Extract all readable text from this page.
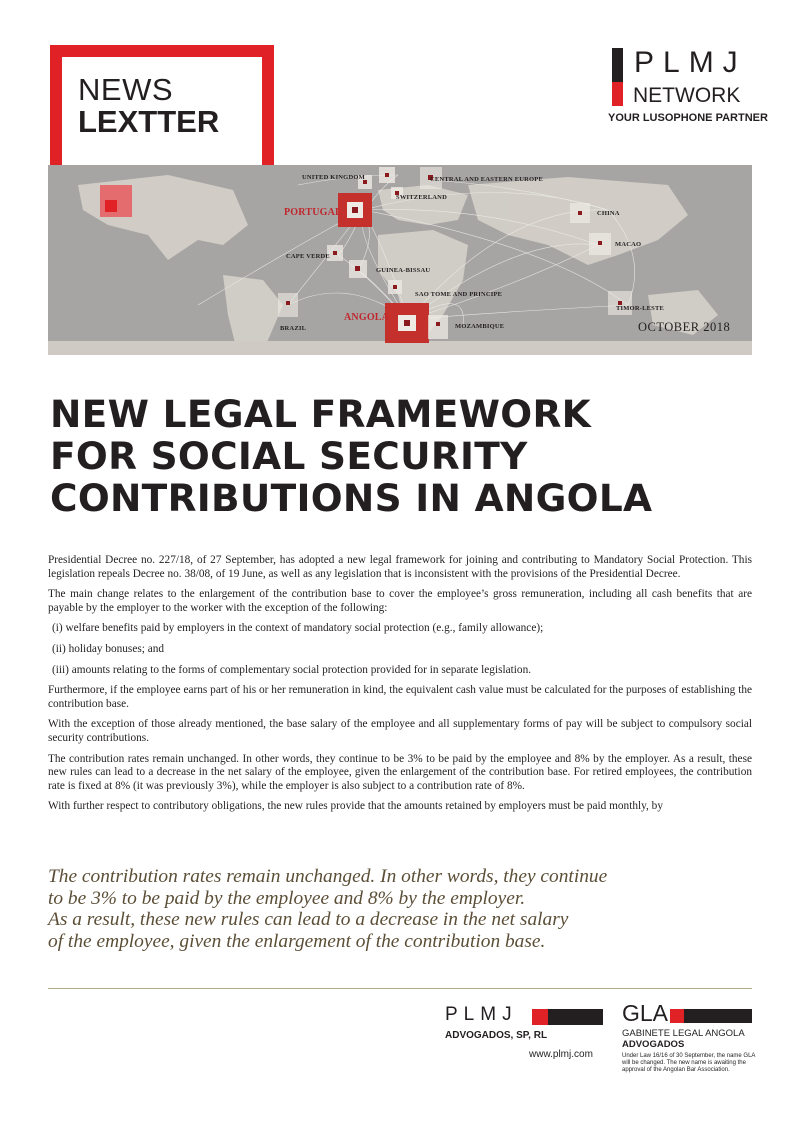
NEWS
LEXTTER
PLMJ
NETWORK
YOUR LUSOPHONE PARTNER
UNITED KINGDOM
PORTUGAL
SWITZERLAND
CENTRAL AND EASTERN EUROPE
CHINA
MACAO
CAPE VERDE
GUINEA-BISSAU
SAO TOME AND PRINCIPE
ANGOLA
MOZAMBIQUE
TIMOR-LESTE
BRAZIL	OCTOBER 2018
NEW LEGAL FRAMEWORK
FOR SOCIAL SECURITY
CONTRIBUTIONS IN ANGOLA

Presidential Decree no. 227/18, of 27 September, has adopted a new legal framework for joining and contributing to Mandatory Social Protection. This legislation repeals Decree no. 38/08, of 19 June, as well as any legislation that is inconsistent with the provisions of the Presidential Decree.

The main change relates to the enlargement of the contribution base to cover the employee’s gross remuneration, including all cash benefits that are payable by the employer to the worker with the exception of the following:

(i) welfare benefits paid by employers in the context of mandatory social protection (e.g., family allowance);

(ii) holiday bonuses; and

(iii) amounts relating to the forms of complementary social protection provided for in separate legislation.

Furthermore, if the employee earns part of his or her remuneration in kind, the equivalent cash value must be calculated for the purposes of establishing the contribution base.

With the exception of those already mentioned, the base salary of the employee and all supplementary forms of pay will be subject to compulsory social security contributions.

The contribution rates remain unchanged. In other words, they continue to be 3% to be paid by the employee and 8% by the employer. As a result, these new rules can lead to a decrease in the net salary of the employee, given the enlargement of the contribution base. For retired employees, the contribution rate is fixed at 8% (it was previously 3%), while the employer is also subject to a contribution rate of 8%.

With further respect to contributory obligations, the new rules provide that the amounts retained by employers must be paid monthly, by

The contribution rates remain unchanged. In other words, they continue
to be 3% to be paid by the employee and 8% by the employer.
As a result, these new rules can lead to a decrease in the net salary
of the employee, given the enlargement of the contribution base.
PLMJ
ADVOGADOS, SP, RL
www.plmj.com
GLA
GABINETE LEGAL ANGOLA
ADVOGADOS
Under Law 16/16 of 30 September, the name GLA will be changed. The new name is awaiting the approval of the Angolan Bar Association.
